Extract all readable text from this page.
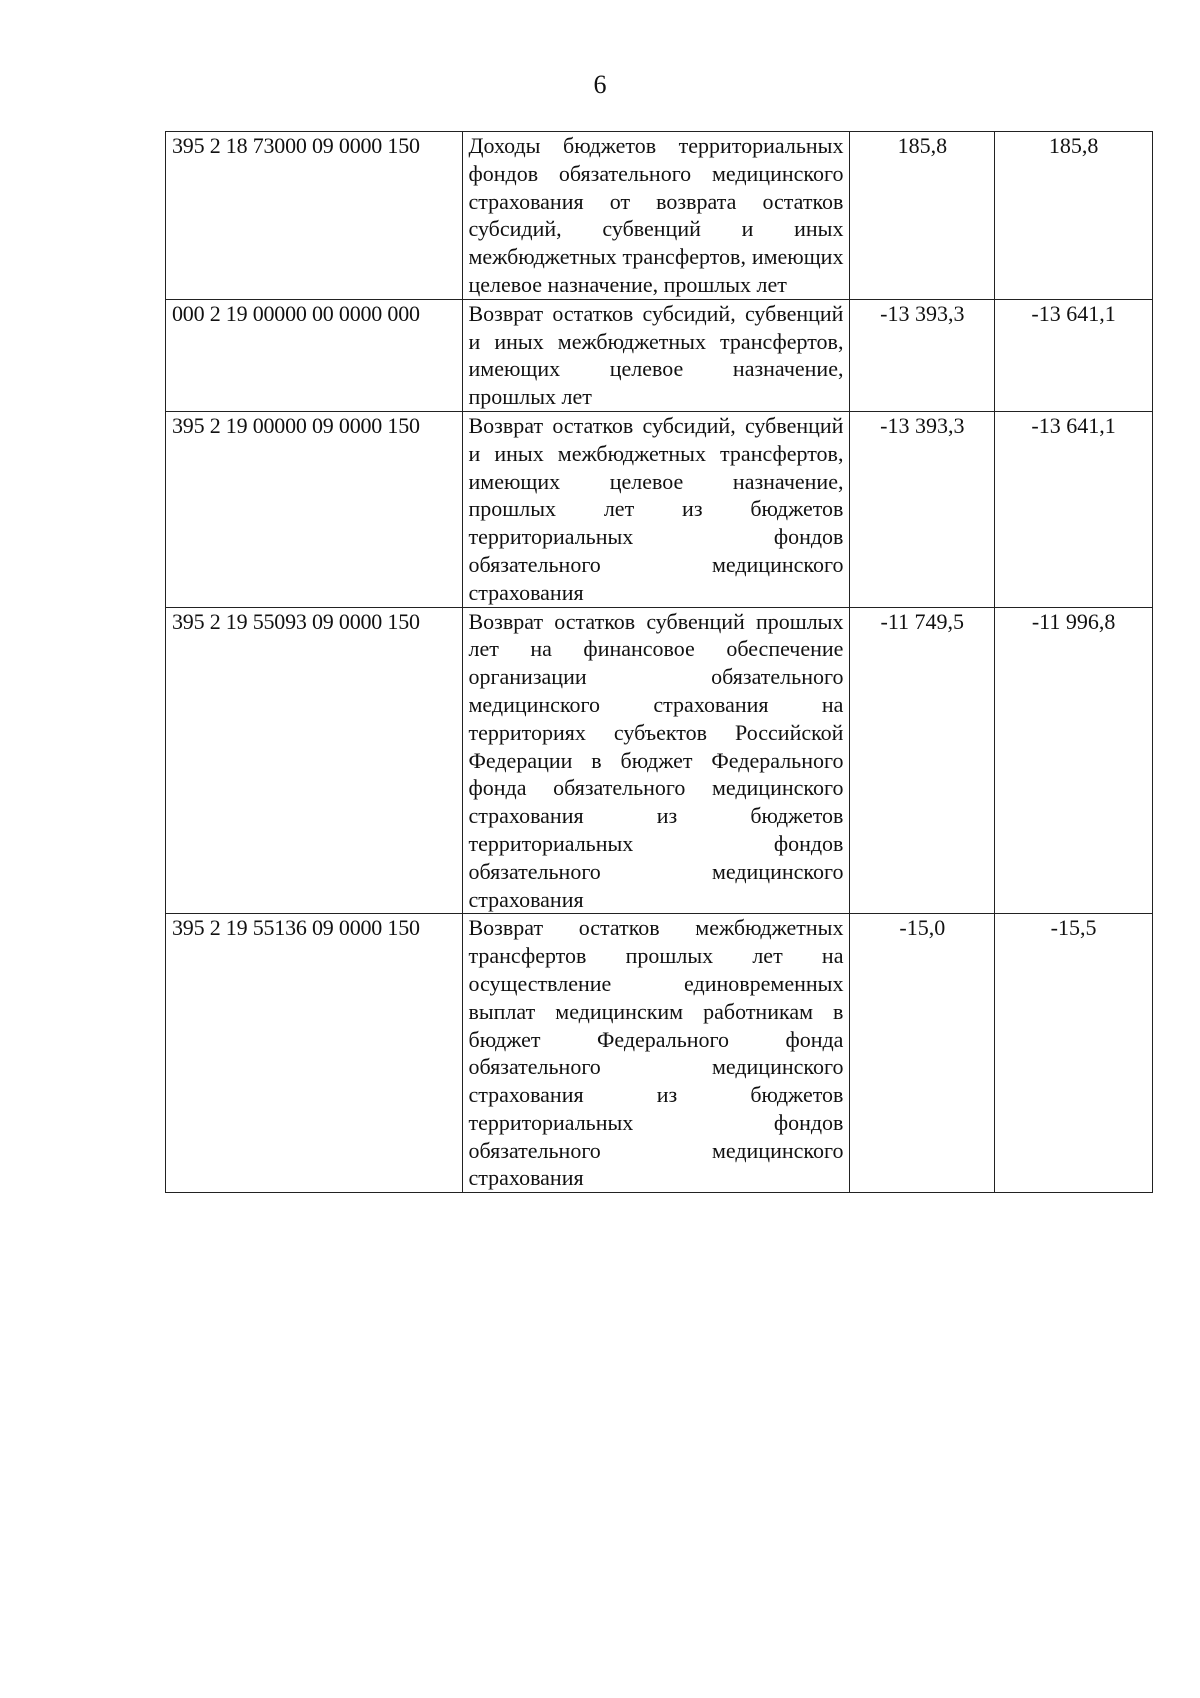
6
395 2 18 73000 09 0000 150	Доходы бюджетов территориальных фондов обязательного медицинского страхования от возврата остатков субсидий, субвенций и иных межбюджетных трансфертов, имеющих целевое назначение, прошлых лет	185,8	185,8
000 2 19 00000 00 0000 000	Возврат остатков субсидий, субвенций и иных межбюджетных трансфертов, имеющих целевое назначение, прошлых лет	-13 393,3	-13 641,1
395 2 19 00000 09 0000 150	Возврат остатков субсидий, субвенций и иных межбюджетных трансфертов, имеющих целевое назначение, прошлых лет из бюджетов территориальных фондов обязательного медицинского страхования	-13 393,3	-13 641,1
395 2 19 55093 09 0000 150	Возврат остатков субвенций прошлых лет на финансовое обеспечение организации обязательного медицинского страхования на территориях субъектов Российской Федерации в бюджет Федерального фонда обязательного медицинского страхования из бюджетов территориальных фондов обязательного медицинского страхования	-11 749,5	-11 996,8
395 2 19 55136 09 0000 150	Возврат остатков межбюджетных трансфертов прошлых лет на осуществление единовременных выплат медицинским работникам в бюджет Федерального фонда обязательного медицинского страхования из бюджетов территориальных фондов обязательного медицинского страхования	-15,0	-15,5
